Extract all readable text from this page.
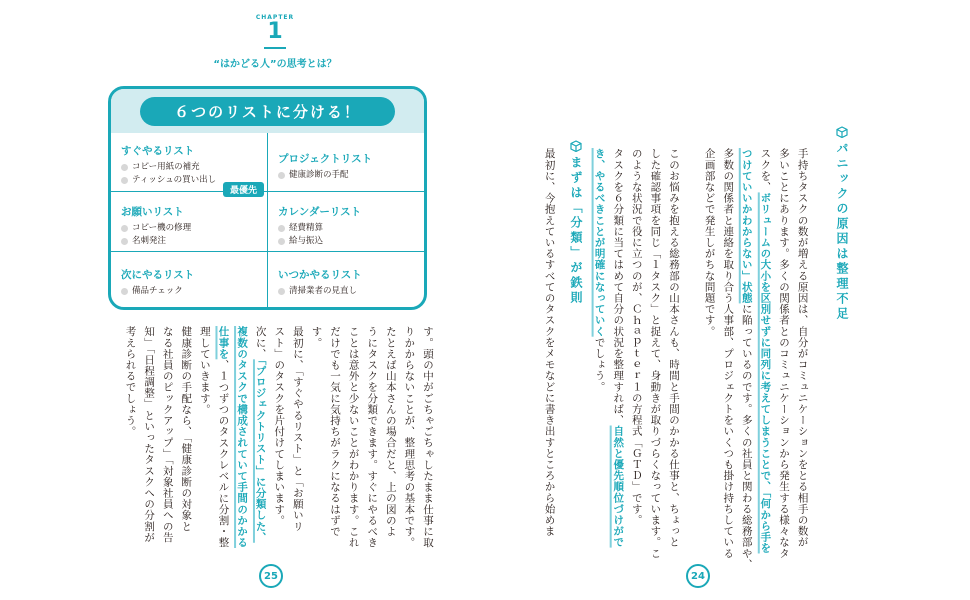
CHAPTER
1
“はかどる人”の思考とは？
６つのリストに分ける！
最優先
すぐやるリスト
コピー用紙の補充
ティッシュの買い出し
プロジェクトリスト
健康診断の手配
お願いリスト
コピー機の修理
名刺発注
カレンダーリスト
経費精算
給与振込
次にやるリスト
備品チェック
いつかやるリスト
清掃業者の見直し
す。頭の中がごちゃごちゃしたまま仕事に取
りかからないことが、整理思考の基本です。
たとえば山本さんの場合だと、上の図のよ
うにタスクを分類できます。すぐにやるべき
ことは意外と少ないことがわかります。これ
だけでも一気に気持ちがラクになるはずで
す。
最初に、「すぐやるリスト」と「お願いリ
スト」のタスクを片付けてしまいます。
次に、「プロジェクトリスト」に分類した、
複数のタスクで構成されていて手間のかかる
仕事を、１つずつのタスクレベルに分割・整
理していきます。
健康診断の手配なら、「健康診断の対象と
なる社員のピックアップ」「対象社員への告
知」「日程調整」といったタスクへの分割が
考えられるでしょう。
25
パニックの原因は整理不足
手持ちタスクの数が増える原因は、自分がコミュニケーションをとる相手の数が
多いことにあります。多くの関係者とのコミュニケーションから発生する様々なタ
スクを、ボリュームの大小を区別せずに同列に考えてしまうことで、「何から手を
つけていいかわからない」状態に陥っているのです。多くの社員と関わる総務部や、
多数の関係者と連絡を取り合う人事部、プロジェクトをいくつも掛け持ちしている
企画部などで発生しがちな問題です。
このお悩みを抱える総務部の山本さんも、時間と手間のかかる仕事と、ちょっと
した確認事項を同じ「１タスク」と捉えて、身動きが取りづらくなっています。こ
のような状況で役に立つのが、Ｃｈａｐｔｅｒ１の方程式「ＧＴＤ」です。
タスクを６分類に当てはめて自分の状況を整理すれば、自然と優先順位づけがで
き、やるべきことが明確になっていくでしょう。
まずは「分類」が鉄則
最初に、今抱えているすべてのタスクをメモなどに書き出すところから始めま
24
